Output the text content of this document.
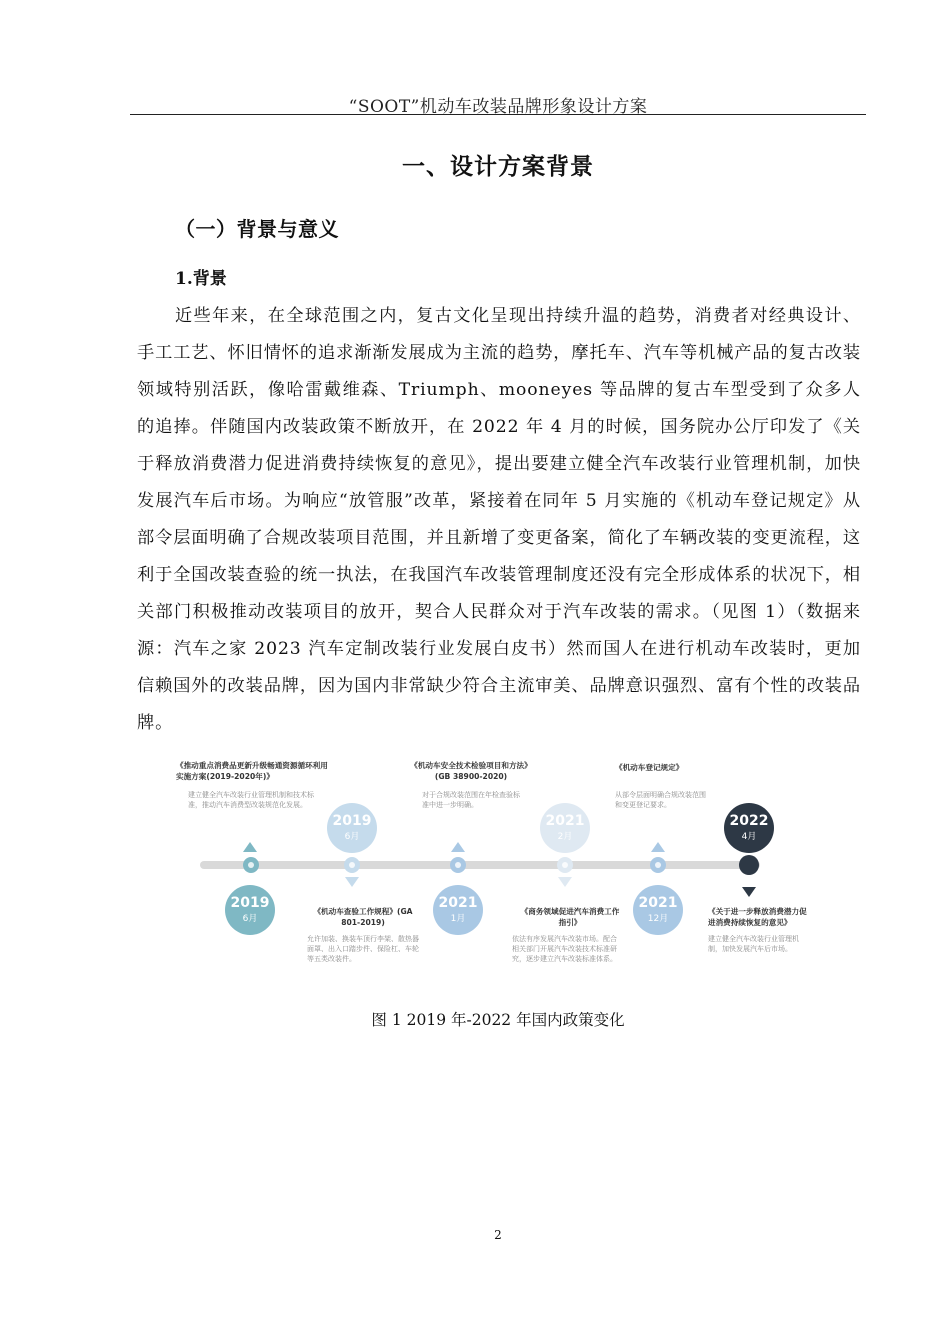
“SOOT”机动车改装品牌形象设计方案
一、设计方案背景
（一）背景与意义
1.背景
近些年来，在全球范围之内，复古文化呈现出持续升温的趋势，消费者对经典设计、手工工艺、怀旧情怀的追求渐渐发展成为主流的趋势，摩托车、汽车等机械产品的复古改装领域特别活跃，像哈雷戴维森、Triumph、mooneyes 等品牌的复古车型受到了众多人的追捧。伴随国内改装政策不断放开，在 2022 年 4 月的时候，国务院办公厅印发了《关于释放消费潜力促进消费持续恢复的意见》，提出要建立健全汽车改装行业管理机制，加快发展汽车后市场。为响应“放管服”改革，紧接着在同年 5 月实施的《机动车登记规定》从部令层面明确了合规改装项目范围，并且新增了变更备案，简化了车辆改装的变更流程，这利于全国改装查验的统一执法，在我国汽车改装管理制度还没有完全形成体系的状况下，相关部门积极推动改装项目的放开，契合人民群众对于汽车改装的需求。（见图 1）（数据来源：汽车之家 2023 汽车定制改装行业发展白皮书）然而国人在进行机动车改装时，更加信赖国外的改装品牌，因为国内非常缺少符合主流审美、品牌意识强烈、富有个性的改装品牌。
《推动重点消费品更新升级畅通资源循环利用实施方案(2019-2020年)》
建立健全汽车改装行业管理机制和技术标准，推动汽车消费型改装规范化发展。
2019
6月
2019
6月
《机动车查验工作规程》(GA 801-2019)
允许加装、换装车顶行李架、散热器面罩、出入口踏步件、保险杠、车轮等五类改装件。
《机动车安全技术检验项目和方法》(GB 38900-2020)
对于合规改装范围在年检查验标准中进一步明确。
2021
1月
2021
2月
《商务领域促进汽车消费工作指引》
依法有序发展汽车改装市场。配合相关部门开展汽车改装技术标准研究，逐步建立汽车改装标准体系。
《机动车登记规定》
从部令层面明确合规改装范围和变更登记要求。
2021
12月
2022
4月
《关于进一步释放消费潜力促进消费持续恢复的意见》
建立健全汽车改装行业管理机制，加快发展汽车后市场。
图 1 2019 年-2022 年国内政策变化
2
